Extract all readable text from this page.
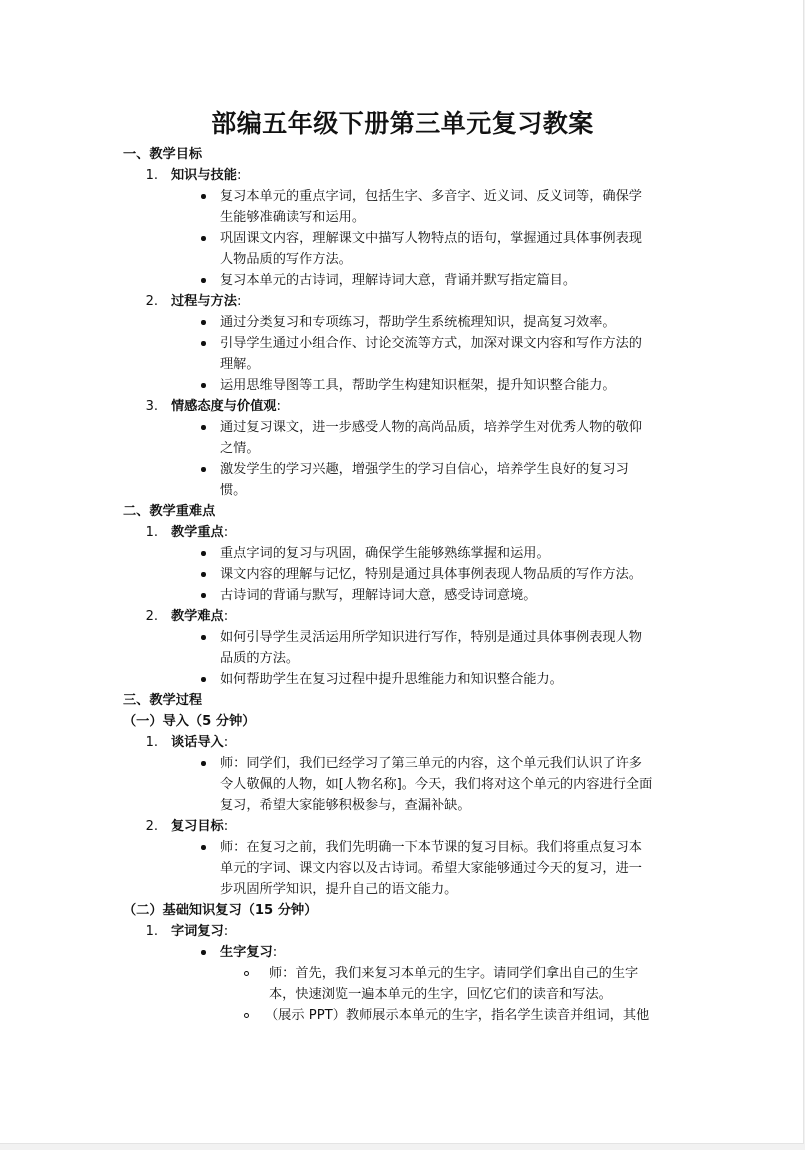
部编五年级下册第三单元复习教案
一、教学目标
1. 知识与技能:
复习本单元的重点字词，包括生字、多音字、近义词、反义词等，确保学
生能够准确读写和运用。
巩固课文内容，理解课文中描写人物特点的语句，掌握通过具体事例表现
人物品质的写作方法。
复习本单元的古诗词，理解诗词大意，背诵并默写指定篇目。
2. 过程与方法:
通过分类复习和专项练习，帮助学生系统梳理知识，提高复习效率。
引导学生通过小组合作、讨论交流等方式，加深对课文内容和写作方法的
理解。
运用思维导图等工具，帮助学生构建知识框架，提升知识整合能力。
3. 情感态度与价值观:
通过复习课文，进一步感受人物的高尚品质，培养学生对优秀人物的敬仰
之情。
激发学生的学习兴趣，增强学生的学习自信心，培养学生良好的复习习
惯。
二、教学重难点
1. 教学重点:
重点字词的复习与巩固，确保学生能够熟练掌握和运用。
课文内容的理解与记忆，特别是通过具体事例表现人物品质的写作方法。
古诗词的背诵与默写，理解诗词大意，感受诗词意境。
2. 教学难点:
如何引导学生灵活运用所学知识进行写作，特别是通过具体事例表现人物
品质的方法。
如何帮助学生在复习过程中提升思维能力和知识整合能力。
三、教学过程
（一）导入（5 分钟）
1. 谈话导入:
师：同学们，我们已经学习了第三单元的内容，这个单元我们认识了许多
令人敬佩的人物，如[人物名称]。今天，我们将对这个单元的内容进行全面
复习，希望大家能够积极参与，查漏补缺。
2. 复习目标:
师：在复习之前，我们先明确一下本节课的复习目标。我们将重点复习本
单元的字词、课文内容以及古诗词。希望大家能够通过今天的复习，进一
步巩固所学知识，提升自己的语文能力。
（二）基础知识复习（15 分钟）
1. 字词复习:
生字复习:
师：首先，我们来复习本单元的生字。请同学们拿出自己的生字
本，快速浏览一遍本单元的生字，回忆它们的读音和写法。
（展示 PPT）教师展示本单元的生字，指名学生读音并组词，其他
